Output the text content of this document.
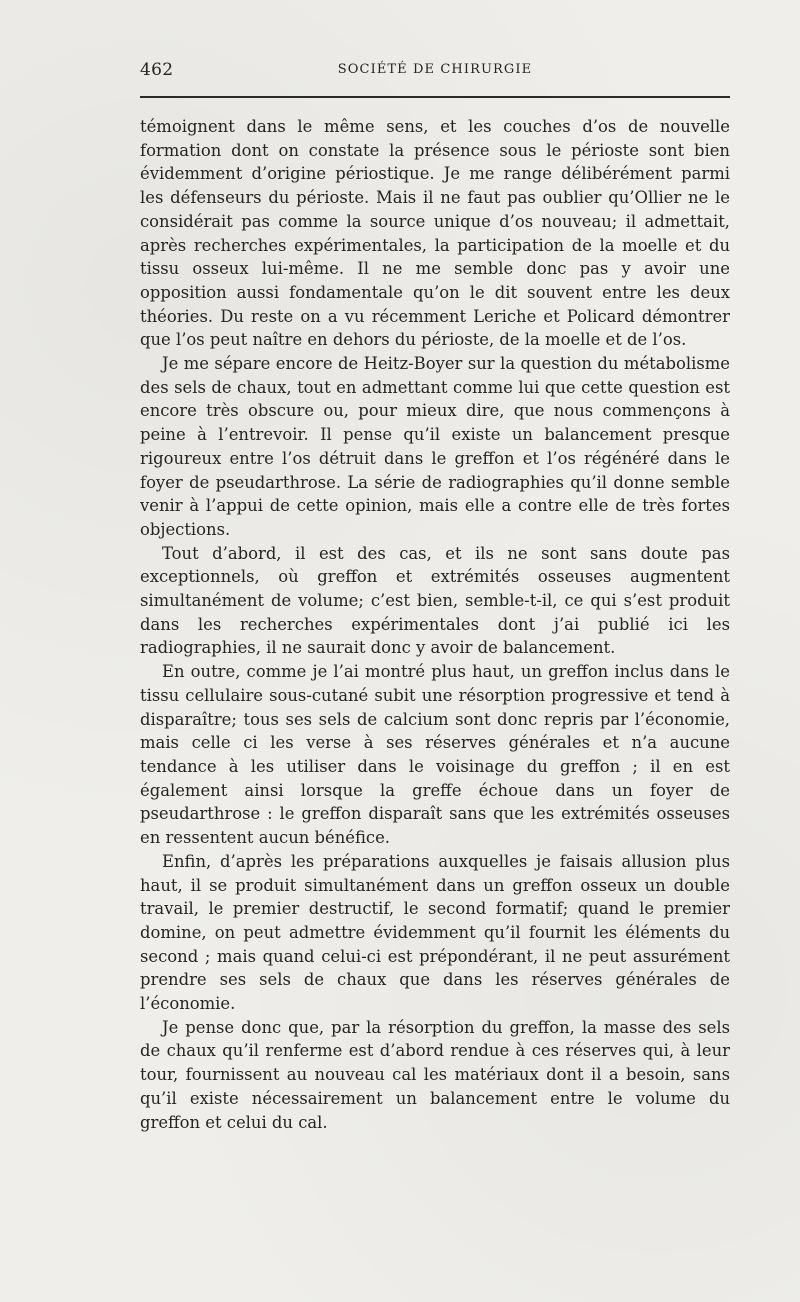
462	SOCIÉTÉ DE CHIRURGIE

témoignent dans le même sens, et les couches d’os de nouvelle formation dont on constate la présence sous le périoste sont bien évidemment d’origine périostique. Je me range délibérément parmi les défenseurs du périoste. Mais il ne faut pas oublier qu’Ollier ne le considérait pas comme la source unique d’os nouveau; il admettait, après recherches expérimentales, la participation de la moelle et du tissu osseux lui-même. Il ne me semble donc pas y avoir une opposition aussi fondamentale qu’on le dit souvent entre les deux théories. Du reste on a vu récemment Leriche et Policard démontrer que l’os peut naître en dehors du périoste, de la moelle et de l’os.

Je me sépare encore de Heitz-Boyer sur la question du métabolisme des sels de chaux, tout en admettant comme lui que cette question est encore très obscure ou, pour mieux dire, que nous commençons à peine à l’entrevoir. Il pense qu’il existe un balancement presque rigoureux entre l’os détruit dans le greffon et l’os régénéré dans le foyer de pseudarthrose. La série de radiographies qu’il donne semble venir à l’appui de cette opinion, mais elle a contre elle de très fortes objections.

Tout d’abord, il est des cas, et ils ne sont sans doute pas exceptionnels, où greffon et extrémités osseuses augmentent simultanément de volume; c’est bien, semble-t-il, ce qui s’est produit dans les recherches expérimentales dont j’ai publié ici les radiographies, il ne saurait donc y avoir de balancement.

En outre, comme je l’ai montré plus haut, un greffon inclus dans le tissu cellulaire sous-cutané subit une résorption progressive et tend à disparaître; tous ses sels de calcium sont donc repris par l’économie, mais celle ci les verse à ses réserves générales et n’a aucune tendance à les utiliser dans le voisinage du greffon ; il en est également ainsi lorsque la greffe échoue dans un foyer de pseudarthrose : le greffon disparaît sans que les extrémités osseuses en ressentent aucun bénéfice.

Enfin, d’après les préparations auxquelles je faisais allusion plus haut, il se produit simultanément dans un greffon osseux un double travail, le premier destructif, le second formatif; quand le premier domine, on peut admettre évidemment qu’il fournit les éléments du second ; mais quand celui-ci est prépondérant, il ne peut assurément prendre ses sels de chaux que dans les réserves générales de l’économie.

Je pense donc que, par la résorption du greffon, la masse des sels de chaux qu’il renferme est d’abord rendue à ces réserves qui, à leur tour, fournissent au nouveau cal les matériaux dont il a besoin, sans qu’il existe nécessairement un balancement entre le volume du greffon et celui du cal.
